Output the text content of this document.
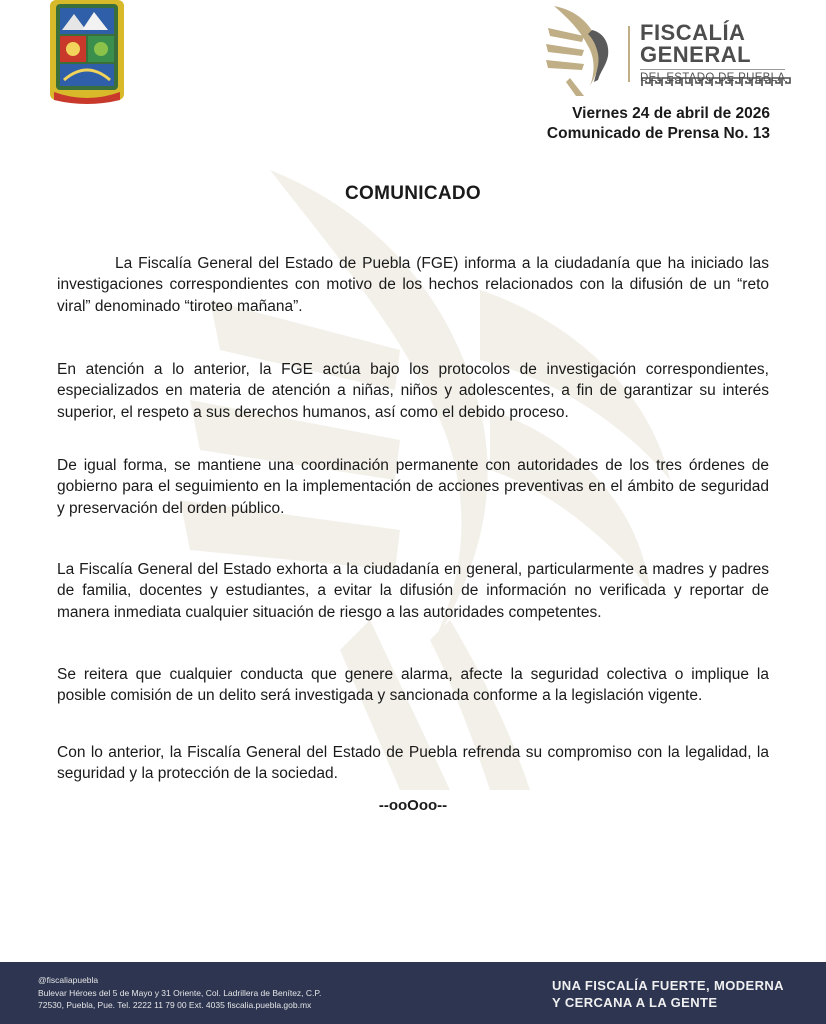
FISCALÍA
GENERAL
DEL ESTADO DE PUEBLA
Viernes 24 de abril de 2026
Comunicado de Prensa No. 13
COMUNICADO

La Fiscalía General del Estado de Puebla (FGE) informa a la ciudadanía que ha iniciado las investigaciones correspondientes con motivo de los hechos relacionados con la difusión de un “reto viral” denominado “tiroteo mañana”.

En atención a lo anterior, la FGE actúa bajo los protocolos de investigación correspondientes, especializados en materia de atención a niñas, niños y adolescentes, a fin de garantizar su interés superior, el respeto a sus derechos humanos, así como el debido proceso.

De igual forma, se mantiene una coordinación permanente con autoridades de los tres órdenes de gobierno para el seguimiento en la implementación de acciones preventivas en el ámbito de seguridad y preservación del orden público.

La Fiscalía General del Estado exhorta a la ciudadanía en general, particularmente a madres y padres de familia, docentes y estudiantes, a evitar la difusión de información no verificada y reportar de manera inmediata cualquier situación de riesgo a las autoridades competentes.

Se reitera que cualquier conducta que genere alarma, afecte la seguridad colectiva o implique la posible comisión de un delito será investigada y sancionada conforme a la legislación vigente.

Con lo anterior, la Fiscalía General del Estado de Puebla refrenda su compromiso con la legalidad, la seguridad y la protección de la sociedad.

--ooOoo--
@fiscaliapuebla
Bulevar Héroes del 5 de Mayo y 31 Oriente, Col. Ladrillera de Benítez, C.P.
72530, Puebla, Pue. Tel. 2222 11 79 00 Ext. 4035 fiscalia.puebla.gob.mx
UNA FISCALÍA FUERTE, MODERNA
Y CERCANA A LA GENTE
